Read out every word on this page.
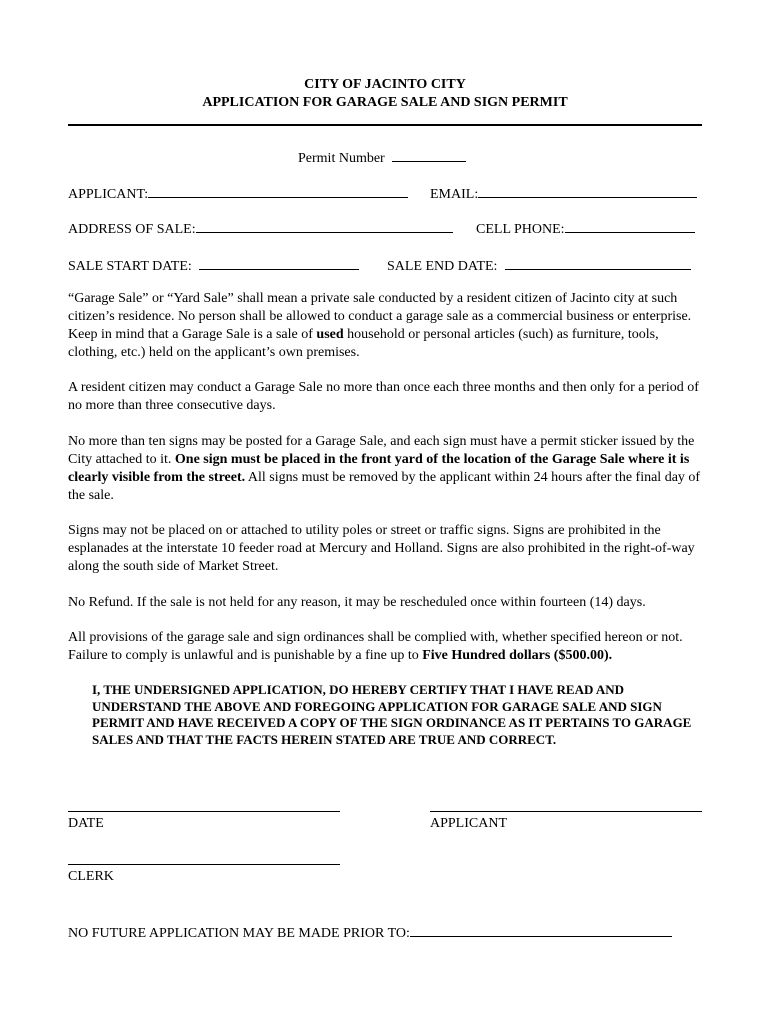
CITY OF JACINTO CITY
APPLICATION FOR GARAGE SALE AND SIGN PERMIT
Permit Number
APPLICANT:	EMAIL:
ADDRESS OF SALE:	CELL PHONE:
SALE START DATE:	SALE END DATE:
“Garage Sale” or “Yard Sale” shall mean a private sale conducted by a resident citizen of Jacinto city at such citizen’s residence. No person shall be allowed to conduct a garage sale as a commercial business or enterprise. Keep in mind that a Garage Sale is a sale of used household or personal articles (such) as furniture, tools, clothing, etc.) held on the applicant’s own premises.
A resident citizen may conduct a Garage Sale no more than once each three months and then only for a period of no more than three consecutive days.
No more than ten signs may be posted for a Garage Sale, and each sign must have a permit sticker issued by the City attached to it. One sign must be placed in the front yard of the location of the Garage Sale where it is clearly visible from the street. All signs must be removed by the applicant within 24 hours after the final day of the sale.
Signs may not be placed on or attached to utility poles or street or traffic signs. Signs are prohibited in the esplanades at the interstate 10 feeder road at Mercury and Holland. Signs are also prohibited in the right-of-way along the south side of Market Street.
No Refund. If the sale is not held for any reason, it may be rescheduled once within fourteen (14) days.
All provisions of the garage sale and sign ordinances shall be complied with, whether specified hereon or not. Failure to comply is unlawful and is punishable by a fine up to Five Hundred dollars ($500.00).
I, THE UNDERSIGNED APPLICATION, DO HEREBY CERTIFY THAT I HAVE READ AND UNDERSTAND THE ABOVE AND FOREGOING APPLICATION FOR GARAGE SALE AND SIGN PERMIT AND HAVE RECEIVED A COPY OF THE SIGN ORDINANCE AS IT PERTAINS TO GARAGE SALES AND THAT THE FACTS HEREIN STATED ARE TRUE AND CORRECT.
DATE	APPLICANT
CLERK
NO FUTURE APPLICATION MAY BE MADE PRIOR TO:
